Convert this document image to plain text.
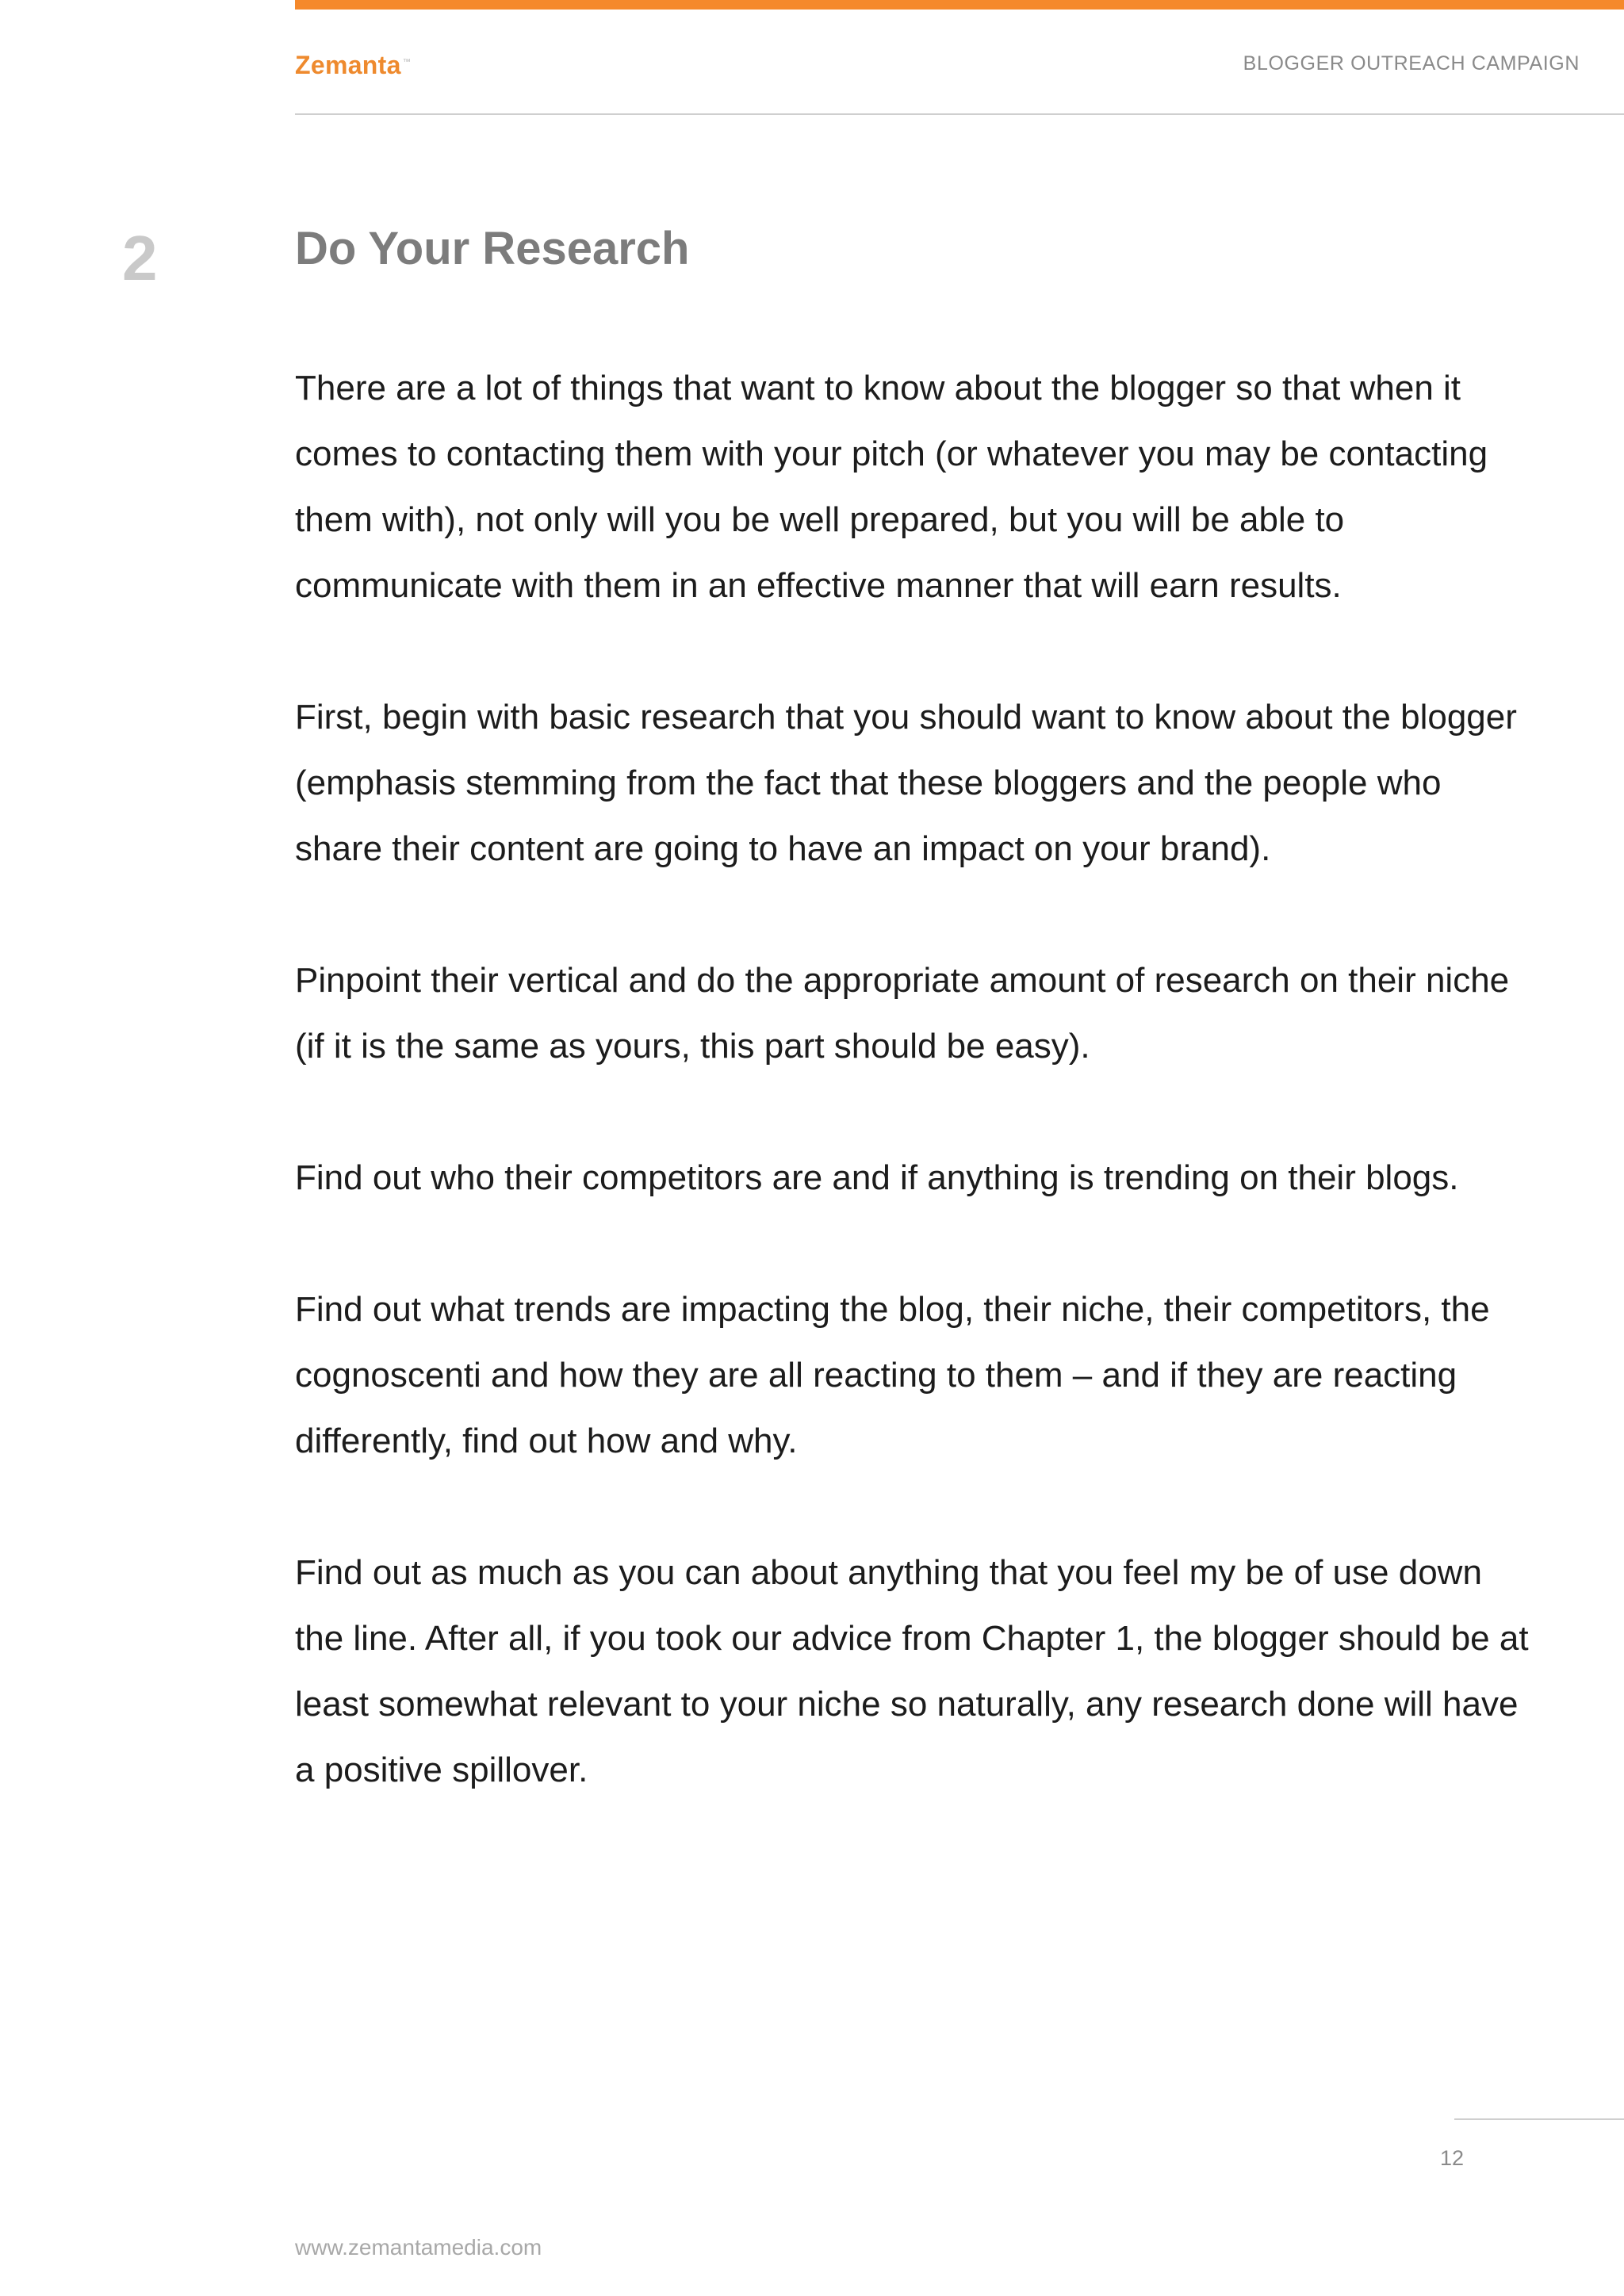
Zemanta ™	BLOGGER OUTREACH CAMPAIGN
2	Do Your Research

There are a lot of things that want to know about the blogger so that when it comes to contacting them with your pitch (or whatever you may be contacting them with), not only will you be well prepared, but you will be able to communicate with them in an effective manner that will earn results.

First, begin with basic research that you should want to know about the blogger (emphasis stemming from the fact that these bloggers and the people who share their content are going to have an impact on your brand).

Pinpoint their vertical and do the appropriate amount of research on their niche (if it is the same as yours, this part should be easy).

Find out who their competitors are and if anything is trending on their blogs.

Find out what trends are impacting the blog, their niche, their competitors, the cognoscenti and how they are all reacting to them – and if they are reacting differently, find out how and why.

Find out as much as you can about anything that you feel my be of use down the line. After all, if you took our advice from Chapter 1, the blogger should be at least somewhat relevant to your niche so naturally, any research done will have a positive spillover.

12
www.zemantamedia.com
